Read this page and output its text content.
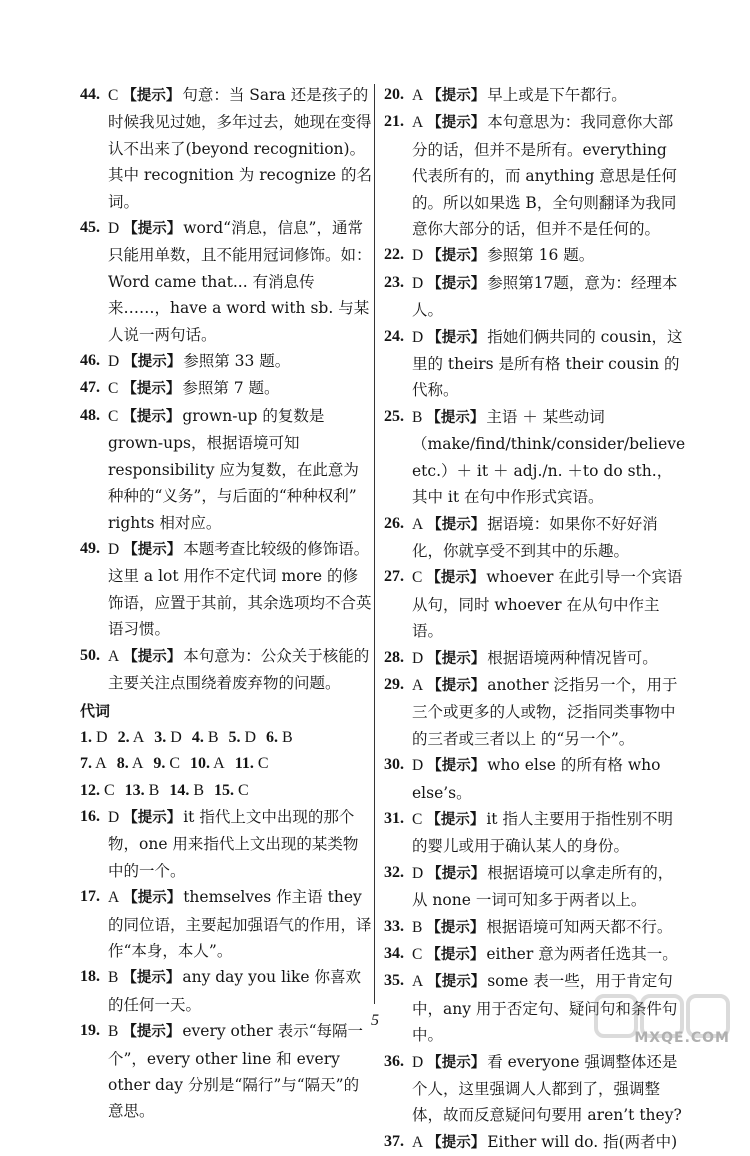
44. C 【提示】 句意：当 Sara 还是孩子的时候我见过她，多年过去，她现在变得认不出来了(beyond recognition)。其中 recognition 为 recognize 的名词。
45. D 【提示】 word“消息，信息”，通常只能用单数，且不能用冠词修饰。如：Word came that... 有消息传来……，have a word with sb. 与某人说一两句话。
46. D 【提示】 参照第 33 题。
47. C 【提示】 参照第 7 题。
48. C 【提示】 grown-up 的复数是 grown-ups，根据语境可知 responsibility 应为复数，在此意为种种的“义务”，与后面的“种种权利” rights 相对应。
49. D 【提示】 本题考查比较级的修饰语。这里 a lot 用作不定代词 more 的修饰语，应置于其前，其余选项均不合英语习惯。
50. A 【提示】 本句意为：公众关于核能的主要关注点围绕着废弃物的问题。
代词
1. D 2. A 3. D 4. B 5. D 6. B
7. A 8. A 9. C 10. A 11. C
12. C 13. B 14. B 15. C
16. D 【提示】 it 指代上文中出现的那个物，one 用来指代上文出现的某类物中的一个。
17. A 【提示】 themselves 作主语 they 的同位语，主要起加强语气的作用，译作“本身，本人”。
18. B 【提示】 any day you like 你喜欢的任何一天。
19. B 【提示】 every other 表示“每隔一个”，every other line 和 every other day 分别是“隔行”与“隔天”的意思。
20. A 【提示】 早上或是下午都行。
21. A 【提示】 本句意思为：我同意你大部分的话，但并不是所有。everything 代表所有的，而 anything 意思是任何的。所以如果选 B，全句则翻译为我同意你大部分的话，但并不是任何的。
22. D 【提示】 参照第 16 题。
23. D 【提示】 参照第17题，意为：经理本人。
24. D 【提示】 指她们俩共同的 cousin，这里的 theirs 是所有格 their cousin 的代称。
25. B 【提示】 主语 ＋ 某些动词（make/find/think/consider/believe etc.）＋ it ＋ adj./n. ＋to do sth.，其中 it 在句中作形式宾语。
26. A 【提示】 据语境：如果你不好好消化，你就享受不到其中的乐趣。
27. C 【提示】 whoever 在此引导一个宾语从句，同时 whoever 在从句中作主语。
28. D 【提示】 根据语境两种情况皆可。
29. A 【提示】 another 泛指另一个，用于三个或更多的人或物，泛指同类事物中的三者或三者以上 的“另一个”。
30. D 【提示】 who else 的所有格 who else’s。
31. C 【提示】 it 指人主要用于指性别不明的婴儿或用于确认某人的身份。
32. D 【提示】 根据语境可以拿走所有的，从 none 一词可知多于两者以上。
33. B 【提示】 根据语境可知两天都不行。
34. C 【提示】 either 意为两者任选其一。
35. A 【提示】 some 表一些，用于肯定句中，any 用于否定句、疑问句和条件句中。
36. D 【提示】 看 everyone 强调整体还是个人，这里强调人人都到了，强调整体，故而反意疑问句要用 aren’t they?
37. A 【提示】 Either will do. 指(两者中)
5
MXQE.COM
